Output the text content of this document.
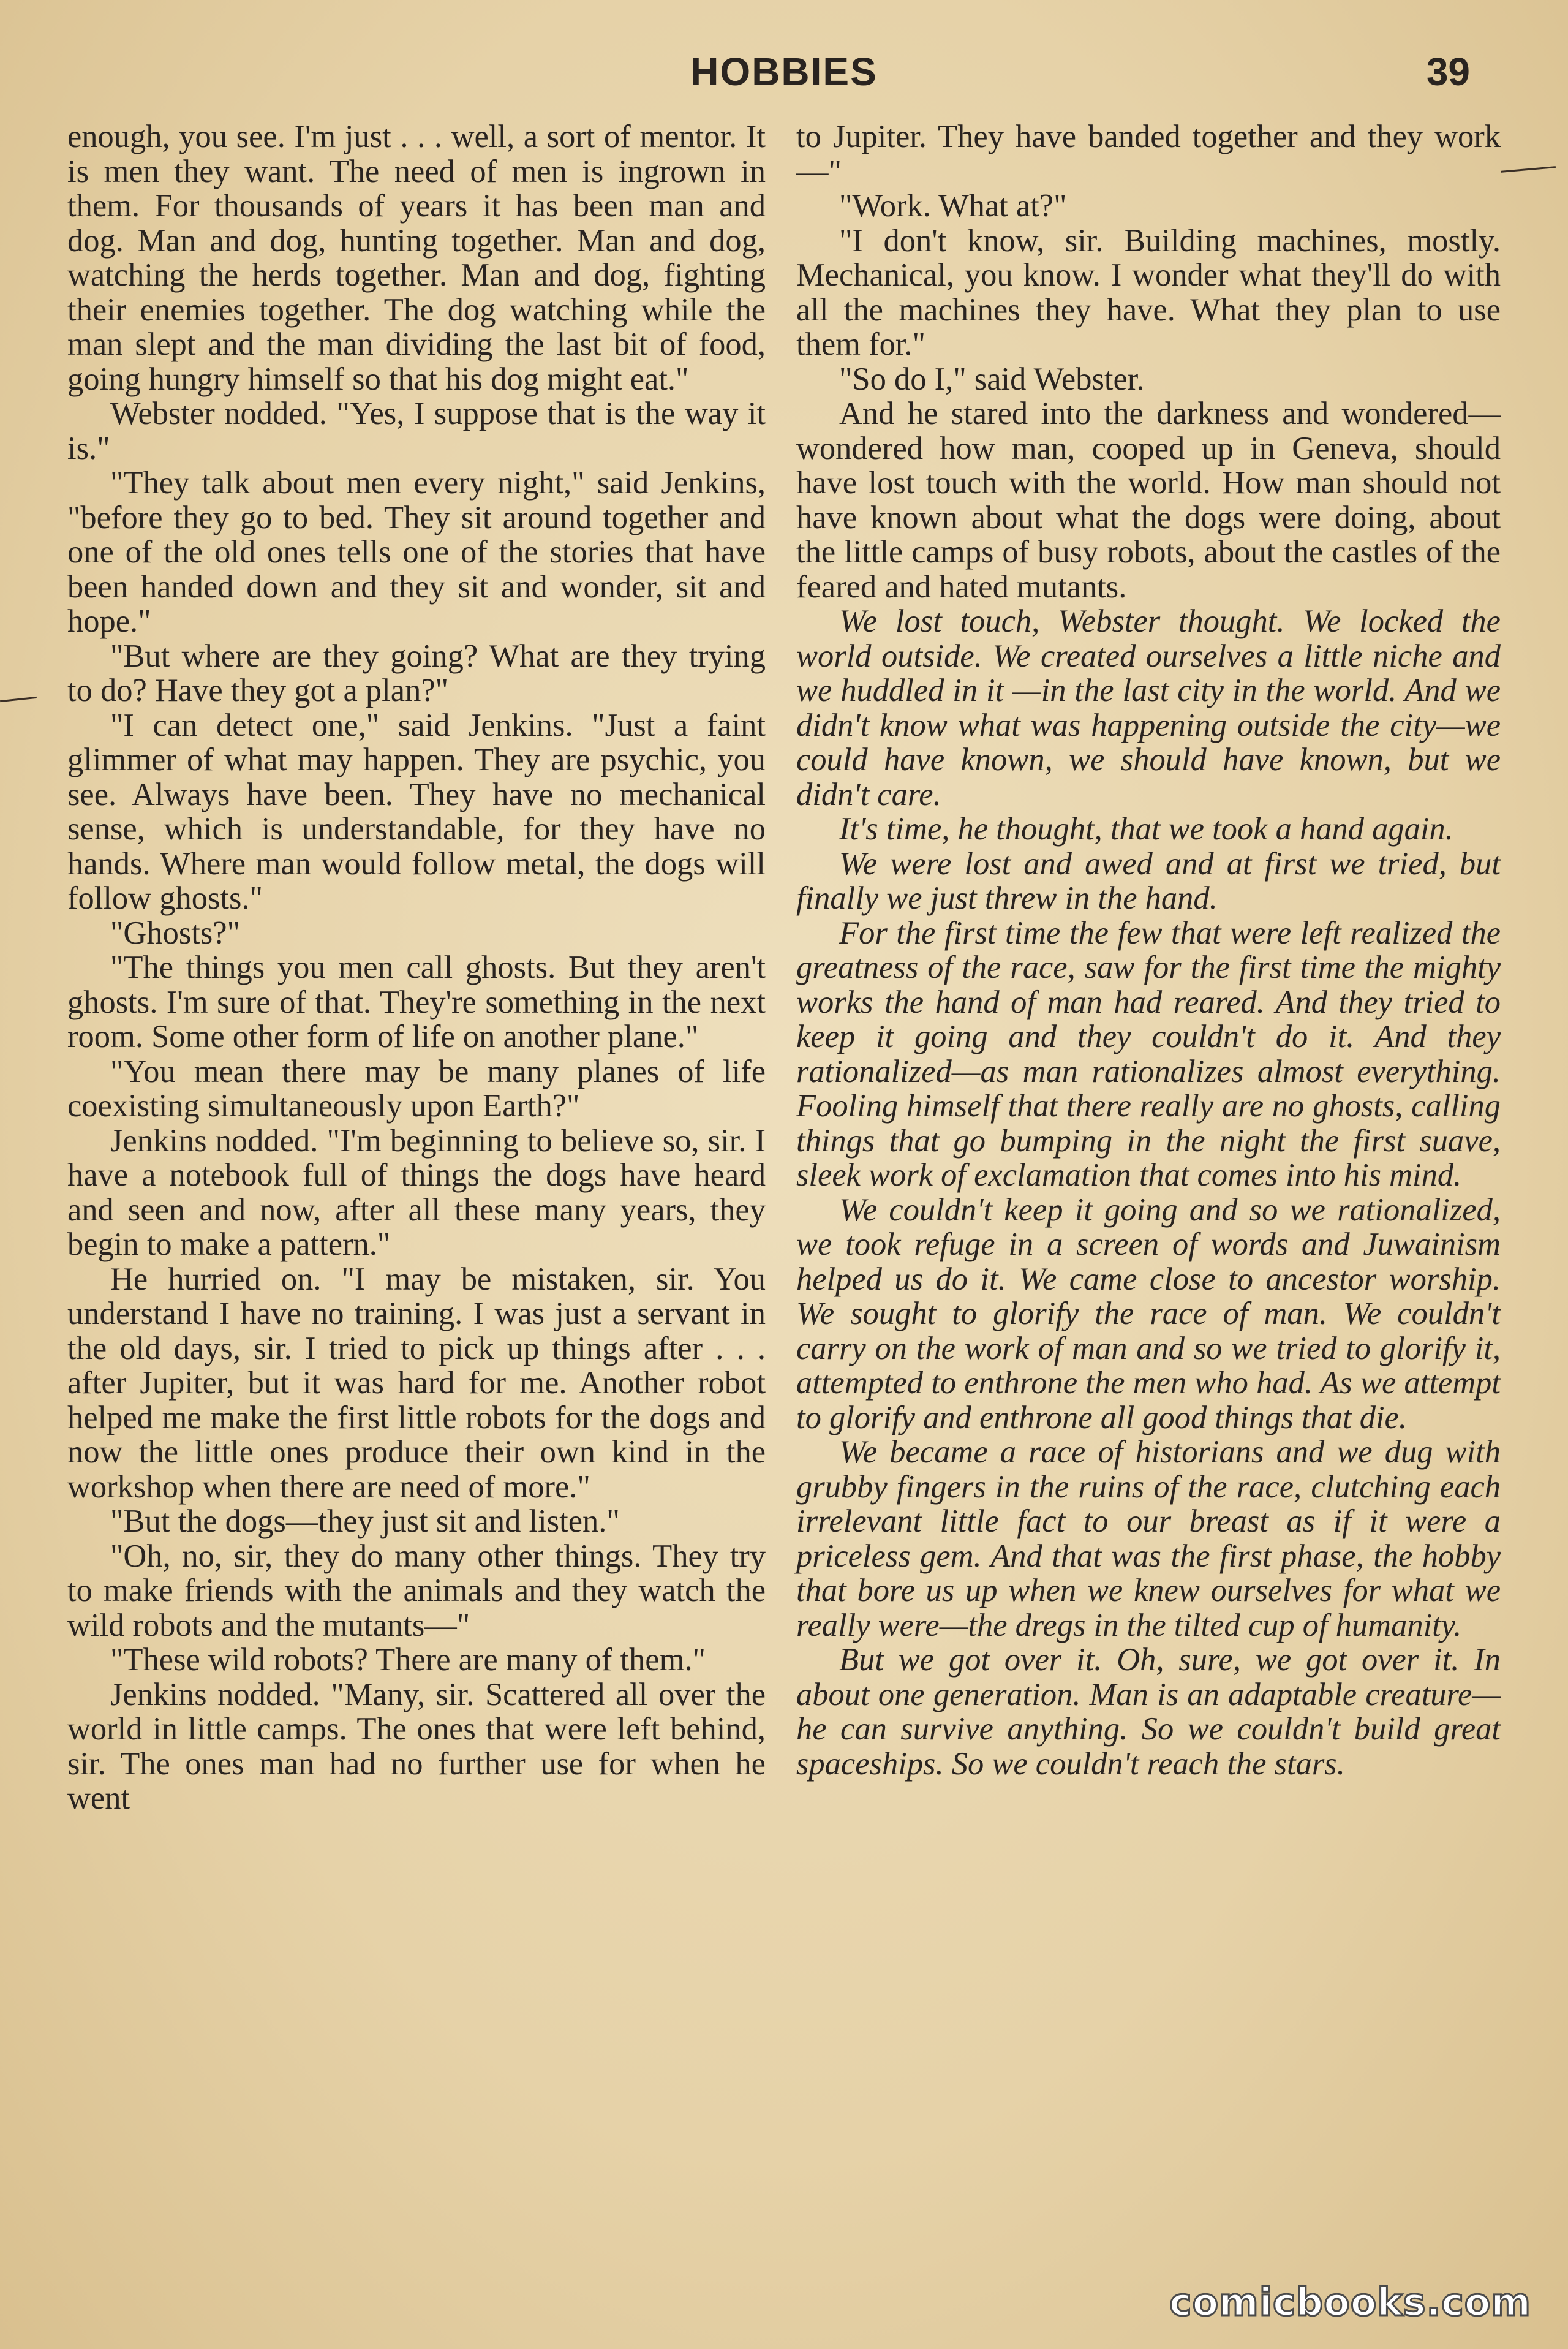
HOBBIES	39

enough, you see. I'm just . . . well, a sort of mentor. It is men they want. The need of men is ingrown in them. For thousands of years it has been man and dog. Man and dog, hunting together. Man and dog, watching the herds together. Man and dog, fighting their enemies together. The dog watching while the man slept and the man dividing the last bit of food, going hungry himself so that his dog might eat."

Webster nodded. "Yes, I suppose that is the way it is."

"They talk about men every night," said Jenkins, "before they go to bed. They sit around together and one of the old ones tells one of the stories that have been handed down and they sit and wonder, sit and hope."

"But where are they going? What are they trying to do? Have they got a plan?"

"I can detect one," said Jenkins. "Just a faint glimmer of what may happen. They are psychic, you see. Always have been. They have no mechanical sense, which is understandable, for they have no hands. Where man would follow metal, the dogs will follow ghosts."

"Ghosts?"

"The things you men call ghosts. But they aren't ghosts. I'm sure of that. They're something in the next room. Some other form of life on another plane."

"You mean there may be many planes of life coexisting simultaneously upon Earth?"

Jenkins nodded. "I'm beginning to believe so, sir. I have a notebook full of things the dogs have heard and seen and now, after all these many years, they begin to make a pattern."

He hurried on. "I may be mistaken, sir. You understand I have no training. I was just a servant in the old days, sir. I tried to pick up things after . . . after Jupiter, but it was hard for me. Another robot helped me make the first little robots for the dogs and now the little ones produce their own kind in the workshop when there are need of more."

"But the dogs—they just sit and listen."

"Oh, no, sir, they do many other things. They try to make friends with the animals and they watch the wild robots and the mutants—"

"These wild robots? There are many of them."

Jenkins nodded. "Many, sir. Scattered all over the world in little camps. The ones that were left behind, sir. The ones man had no further use for when he went

to Jupiter. They have banded together and they work—"

"Work. What at?"

"I don't know, sir. Building machines, mostly. Mechanical, you know. I wonder what they'll do with all the machines they have. What they plan to use them for."

"So do I," said Webster.

And he stared into the darkness and wondered—wondered how man, cooped up in Geneva, should have lost touch with the world. How man should not have known about what the dogs were doing, about the little camps of busy robots, about the castles of the feared and hated mutants.

We lost touch, Webster thought. We locked the world outside. We created ourselves a little niche and we huddled in it —in the last city in the world. And we didn't know what was happening outside the city—we could have known, we should have known, but we didn't care.

It's time, he thought, that we took a hand again.

We were lost and awed and at first we tried, but finally we just threw in the hand.

For the first time the few that were left realized the greatness of the race, saw for the first time the mighty works the hand of man had reared. And they tried to keep it going and they couldn't do it. And they rationalized—as man rationalizes almost everything. Fooling himself that there really are no ghosts, calling things that go bumping in the night the first suave, sleek work of exclamation that comes into his mind.

We couldn't keep it going and so we rationalized, we took refuge in a screen of words and Juwainism helped us do it. We came close to ancestor worship. We sought to glorify the race of man. We couldn't carry on the work of man and so we tried to glorify it, attempted to enthrone the men who had. As we attempt to glorify and enthrone all good things that die.

We became a race of historians and we dug with grubby fingers in the ruins of the race, clutching each irrelevant little fact to our breast as if it were a priceless gem. And that was the first phase, the hobby that bore us up when we knew ourselves for what we really were—the dregs in the tilted cup of humanity.

But we got over it. Oh, sure, we got over it. In about one generation. Man is an adaptable creature—he can survive anything. So we couldn't build great spaceships. So we couldn't reach the stars.

comicbooks.com
